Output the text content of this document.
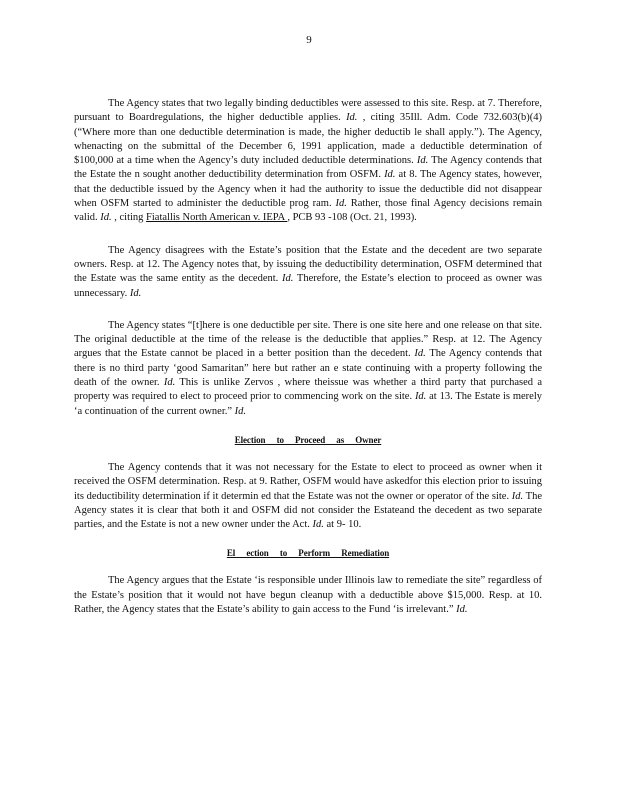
9

The Agency states that two legally binding deductibles were assessed to this site. Resp. at 7. Therefore, pursuant to Boardregulations, the higher deductible applies. Id. , citing 35Ill. Adm. Code 732.603(b)(4) (“Where more than one deductible determination is made, the higher deductib le shall apply.”). The Agency, whenacting on the submittal of the December 6, 1991 application, made a deductible determination of $100,000 at a time when the Agency’s duty included deductible determinations. Id. The Agency contends that the Estate the n sought another deductibility determination from OSFM. Id. at 8. The Agency states, however, that the deductible issued by the Agency when it had the authority to issue the deductible did not disappear when OSFM started to administer the deductible prog ram. Id. Rather, those final Agency decisions remain valid. Id. , citing Fiatallis North American v. IEPA , PCB 93 -108 (Oct. 21, 1993).

The Agency disagrees with the Estate’s position that the Estate and the decedent are two separate owners. Resp. at 12. The Agency notes that, by issuing the deductibility determination, OSFM determined that the Estate was the same entity as the decedent. Id. Therefore, the Estate’s election to proceed as owner was unnecessary. Id.

The Agency states “[t]here is one deductible per site. There is one site here and one release on that site. The original deductible at the time of the release is the deductible that applies.” Resp. at 12. The Agency argues that the Estate cannot be placed in a better position than the decedent. Id. The Agency contends that there is no third party ‘good Samaritan” here but rather an e state continuing with a property following the death of the owner. Id. This is unlike Zervos , where theissue was whether a third party that purchased a property was required to elect to proceed prior to commencing work on the site. Id. at 13. The Estate is merely ‘a continuation of the current owner.” Id.

Election to Proceed as Owner

The Agency contends that it was not necessary for the Estate to elect to proceed as owner when it received the OSFM determination. Resp. at 9. Rather, OSFM would have askedfor this election prior to issuing its deductibility determination if it determin ed that the Estate was not the owner or operator of the site. Id. The Agency states it is clear that both it and OSFM did not consider the Estateand the decedent as two separate parties, and the Estate is not a new owner under the Act. Id. at 9- 10.

El ection to Perform Remediation

The Agency argues that the Estate ‘is responsible under Illinois law to remediate the site” regardless of the Estate’s position that it would not have begun cleanup with a deductible above $15,000. Resp. at 10. Rather, the Agency states that the Estate’s ability to gain access to the Fund ‘is irrelevant.” Id.
